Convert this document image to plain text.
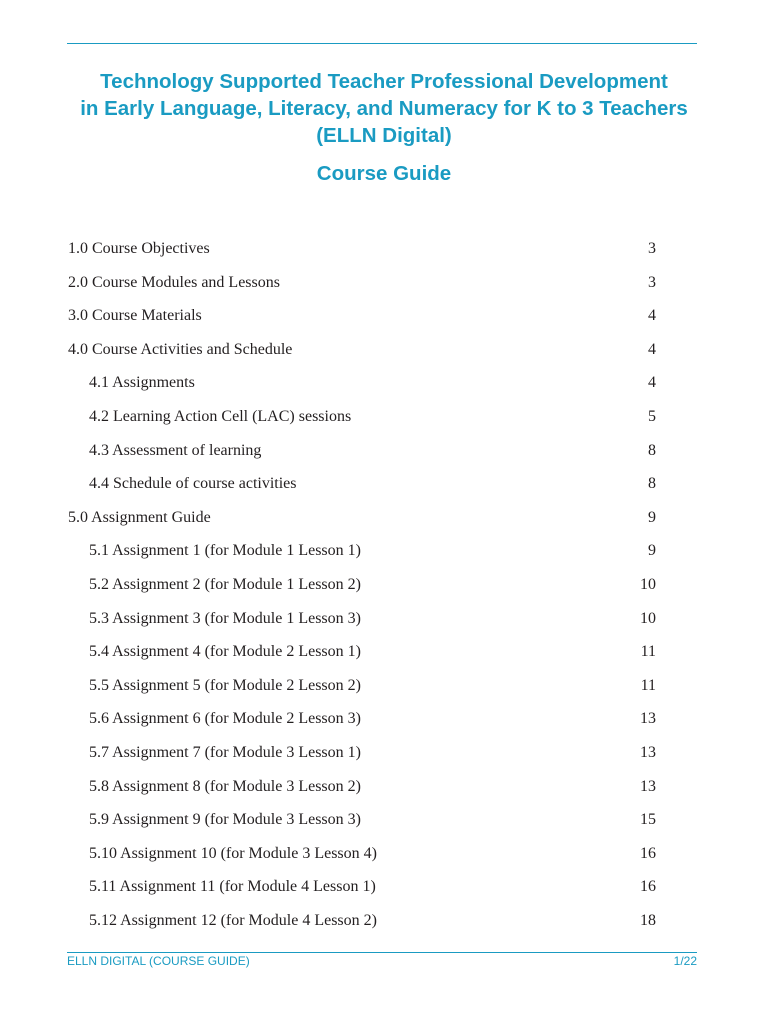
Technology Supported Teacher Professional Development
in Early Language, Literacy, and Numeracy for K to 3 Teachers
(ELLN Digital)
Course Guide
1.0 Course Objectives	3
2.0 Course Modules and Lessons	3
3.0 Course Materials	4
4.0 Course Activities and Schedule	4
4.1 Assignments	4
4.2 Learning Action Cell (LAC) sessions	5
4.3 Assessment of learning	8
4.4 Schedule of course activities	8
5.0 Assignment Guide	9
5.1 Assignment 1 (for Module 1 Lesson 1)	9
5.2 Assignment 2 (for Module 1 Lesson 2)	10
5.3 Assignment 3 (for Module 1 Lesson 3)	10
5.4 Assignment 4 (for Module 2 Lesson 1)	11
5.5 Assignment 5 (for Module 2 Lesson 2)	11
5.6 Assignment 6 (for Module 2 Lesson 3)	13
5.7 Assignment 7 (for Module 3 Lesson 1)	13
5.8 Assignment 8 (for Module 3 Lesson 2)	13
5.9 Assignment 9 (for Module 3 Lesson 3)	15
5.10 Assignment 10 (for Module 3 Lesson 4)	16
5.11 Assignment 11 (for Module 4 Lesson 1)	16
5.12 Assignment 12 (for Module 4 Lesson 2)	18
ELLN DIGITAL (COURSE GUIDE)	1/22
